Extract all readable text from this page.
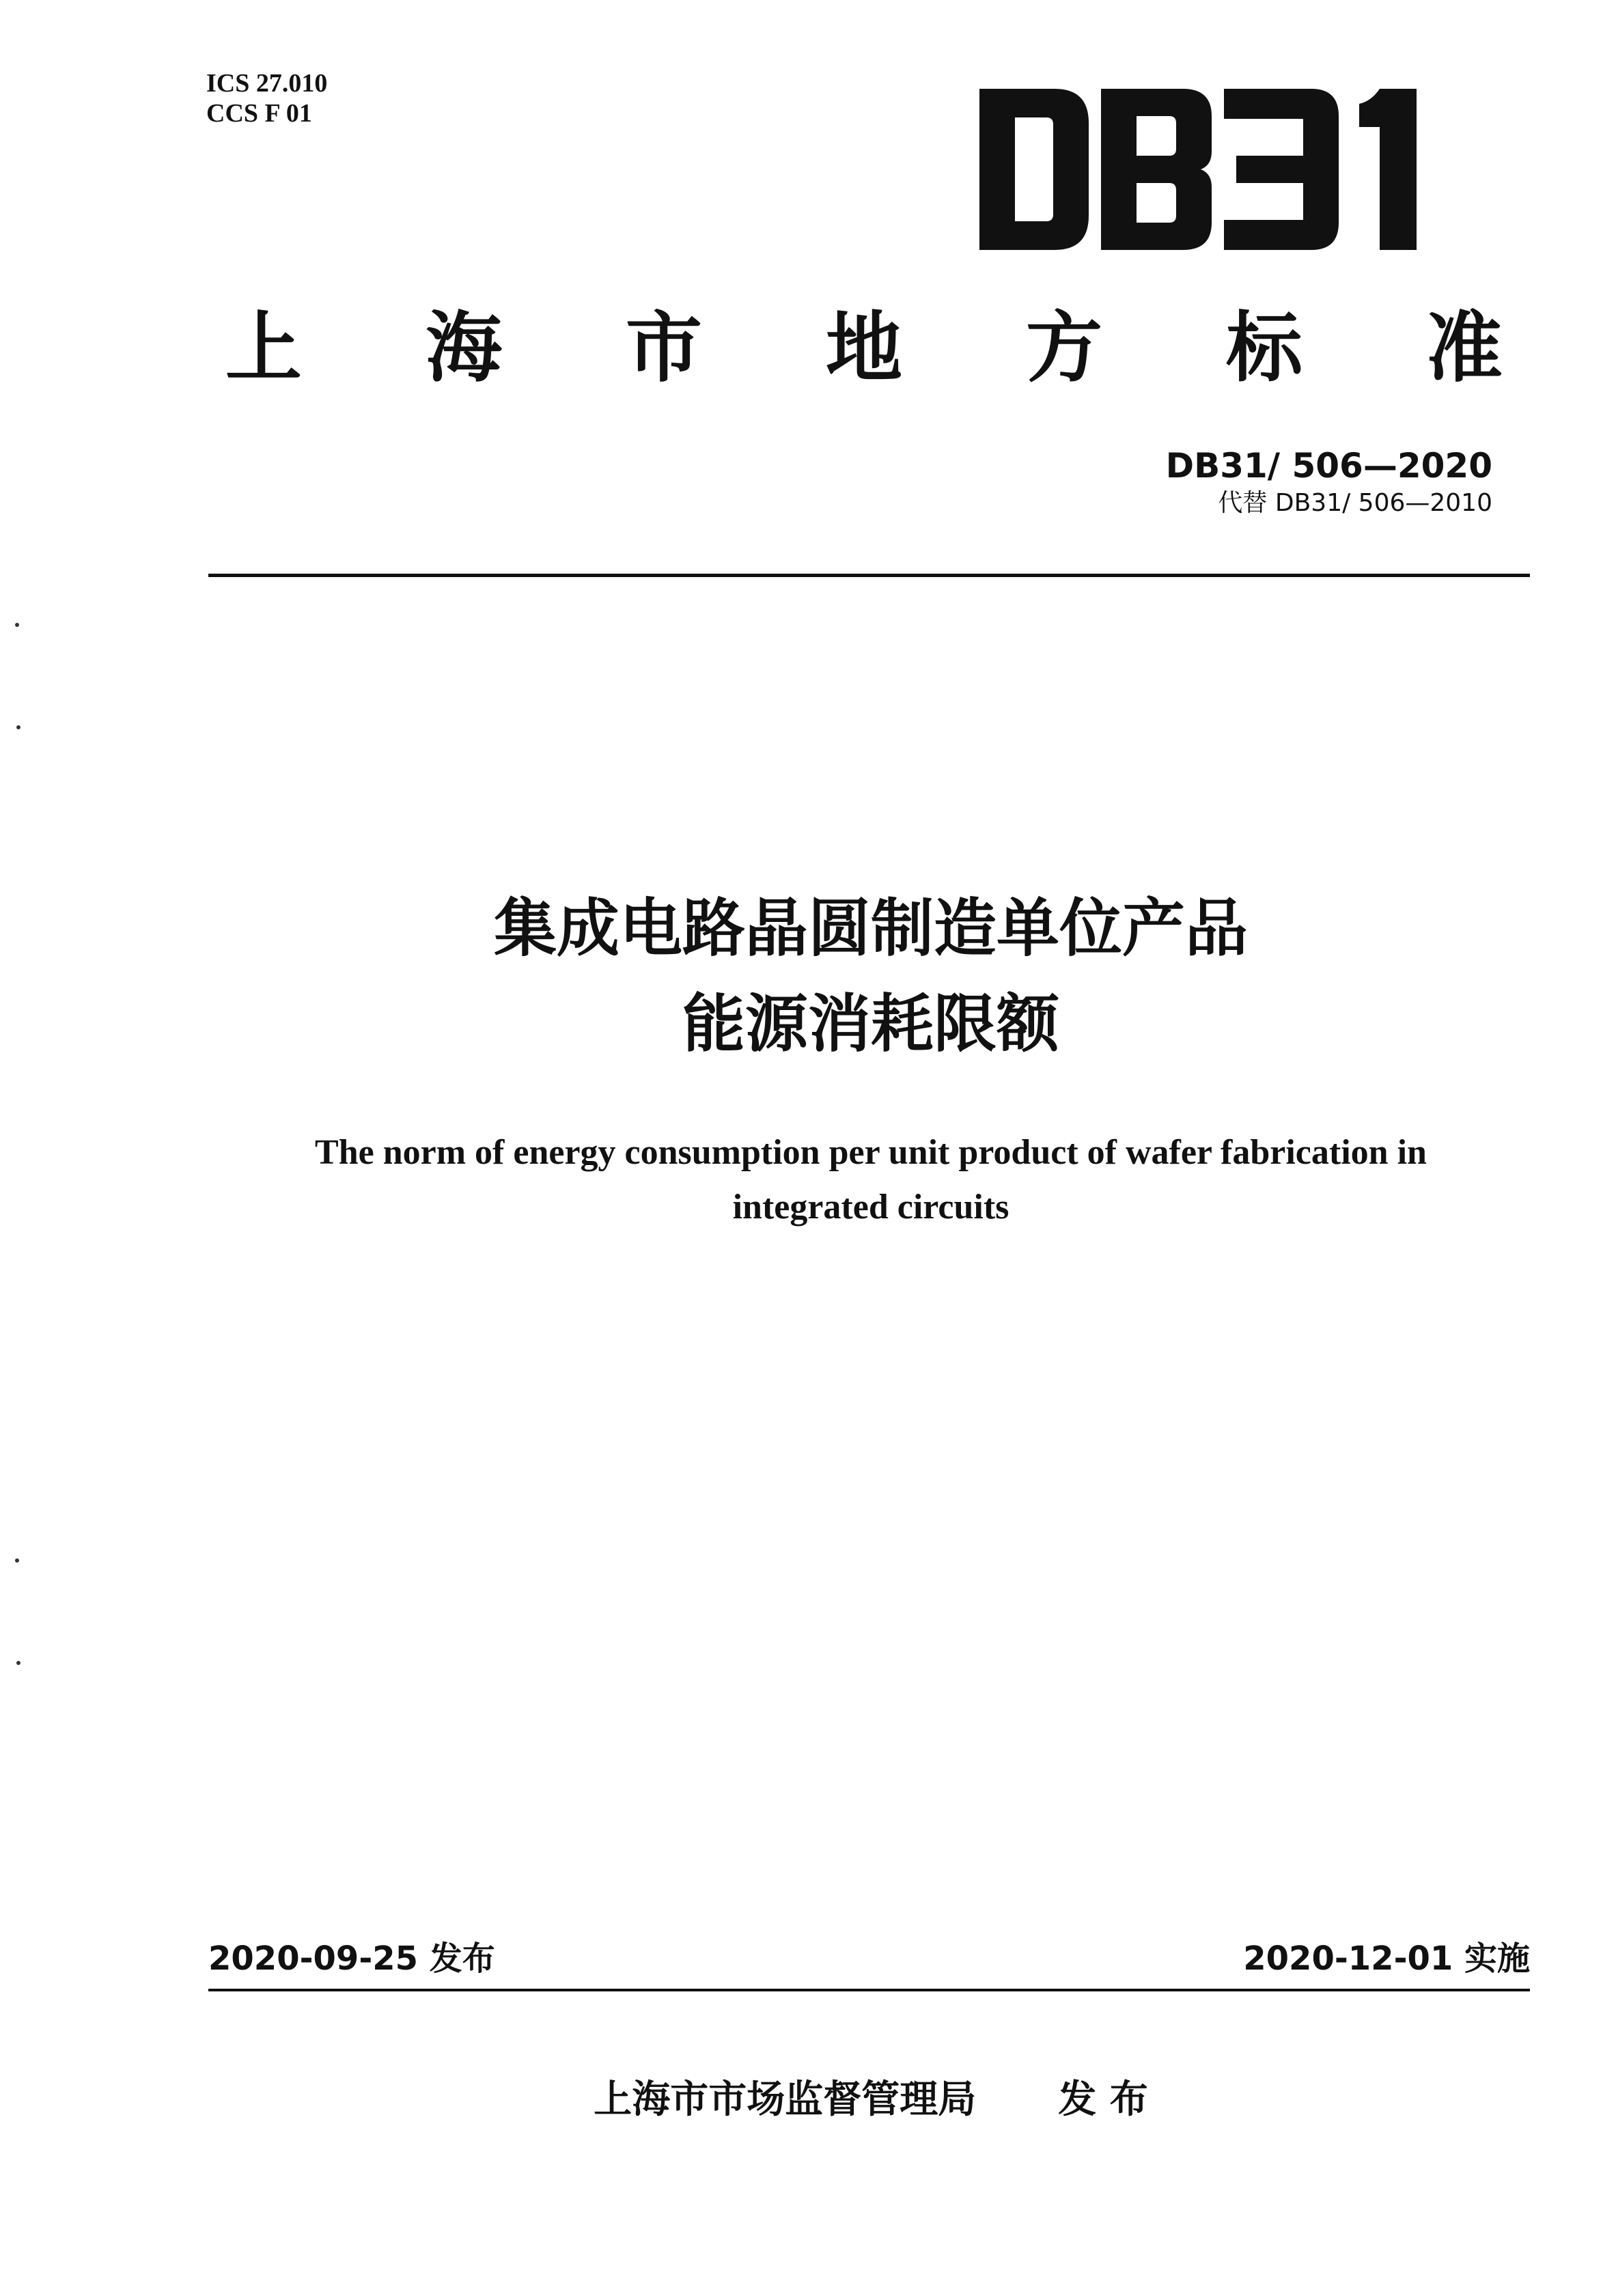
ICS 27.010
CCS F 01
上 海 市 地 方 标 准
DB31/ 506—2020
代替 DB31/ 506—2010
集成电路晶圆制造单位产品
能源消耗限额
The norm of energy consumption per unit product of wafer fabrication in
integrated circuits
2020-09-25 发布	2020-12-01 实施
上海市市场监督管理局 发 布
